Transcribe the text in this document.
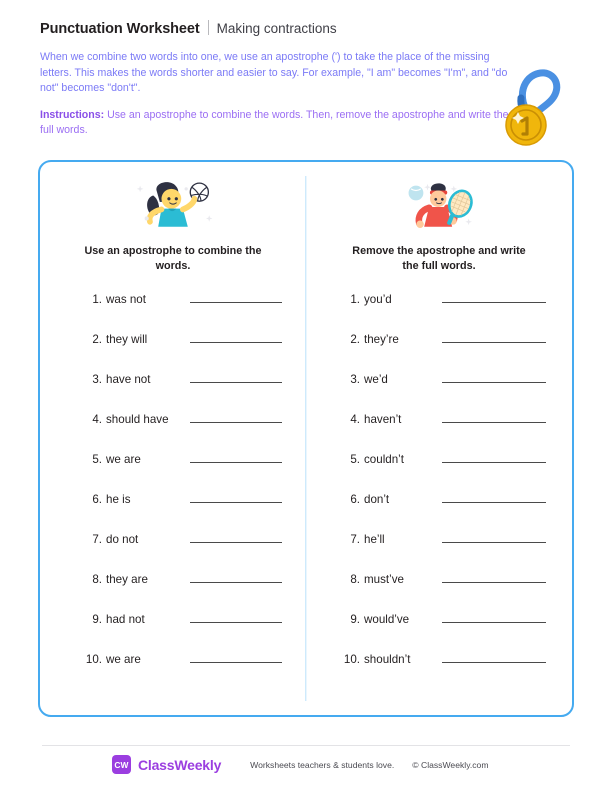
Punctuation Worksheet Making contractions
When we combine two words into one, we use an apostrophe (') to take the place of the missing letters. This makes the words shorter and easier to say. For example, "I am" becomes "I'm", and "do not" becomes "don't".
Instructions: Use an apostrophe to combine the words. Then, remove the apostrophe and write the full words.
Use an apostrophe to combine the words.
1. was not
2. they will
3. have not
4. should have
5. we are
6. he is
7. do not
8. they are
9. had not
10. we are
Remove the apostrophe and write the full words.
1. you’d
2. they’re
3. we’d
4. haven’t
5. couldn’t
6. don’t
7. he’ll
8. must’ve
9. would’ve
10. shouldn’t
CW ClassWeekly	Worksheets teachers & students love. © ClassWeekly.com
